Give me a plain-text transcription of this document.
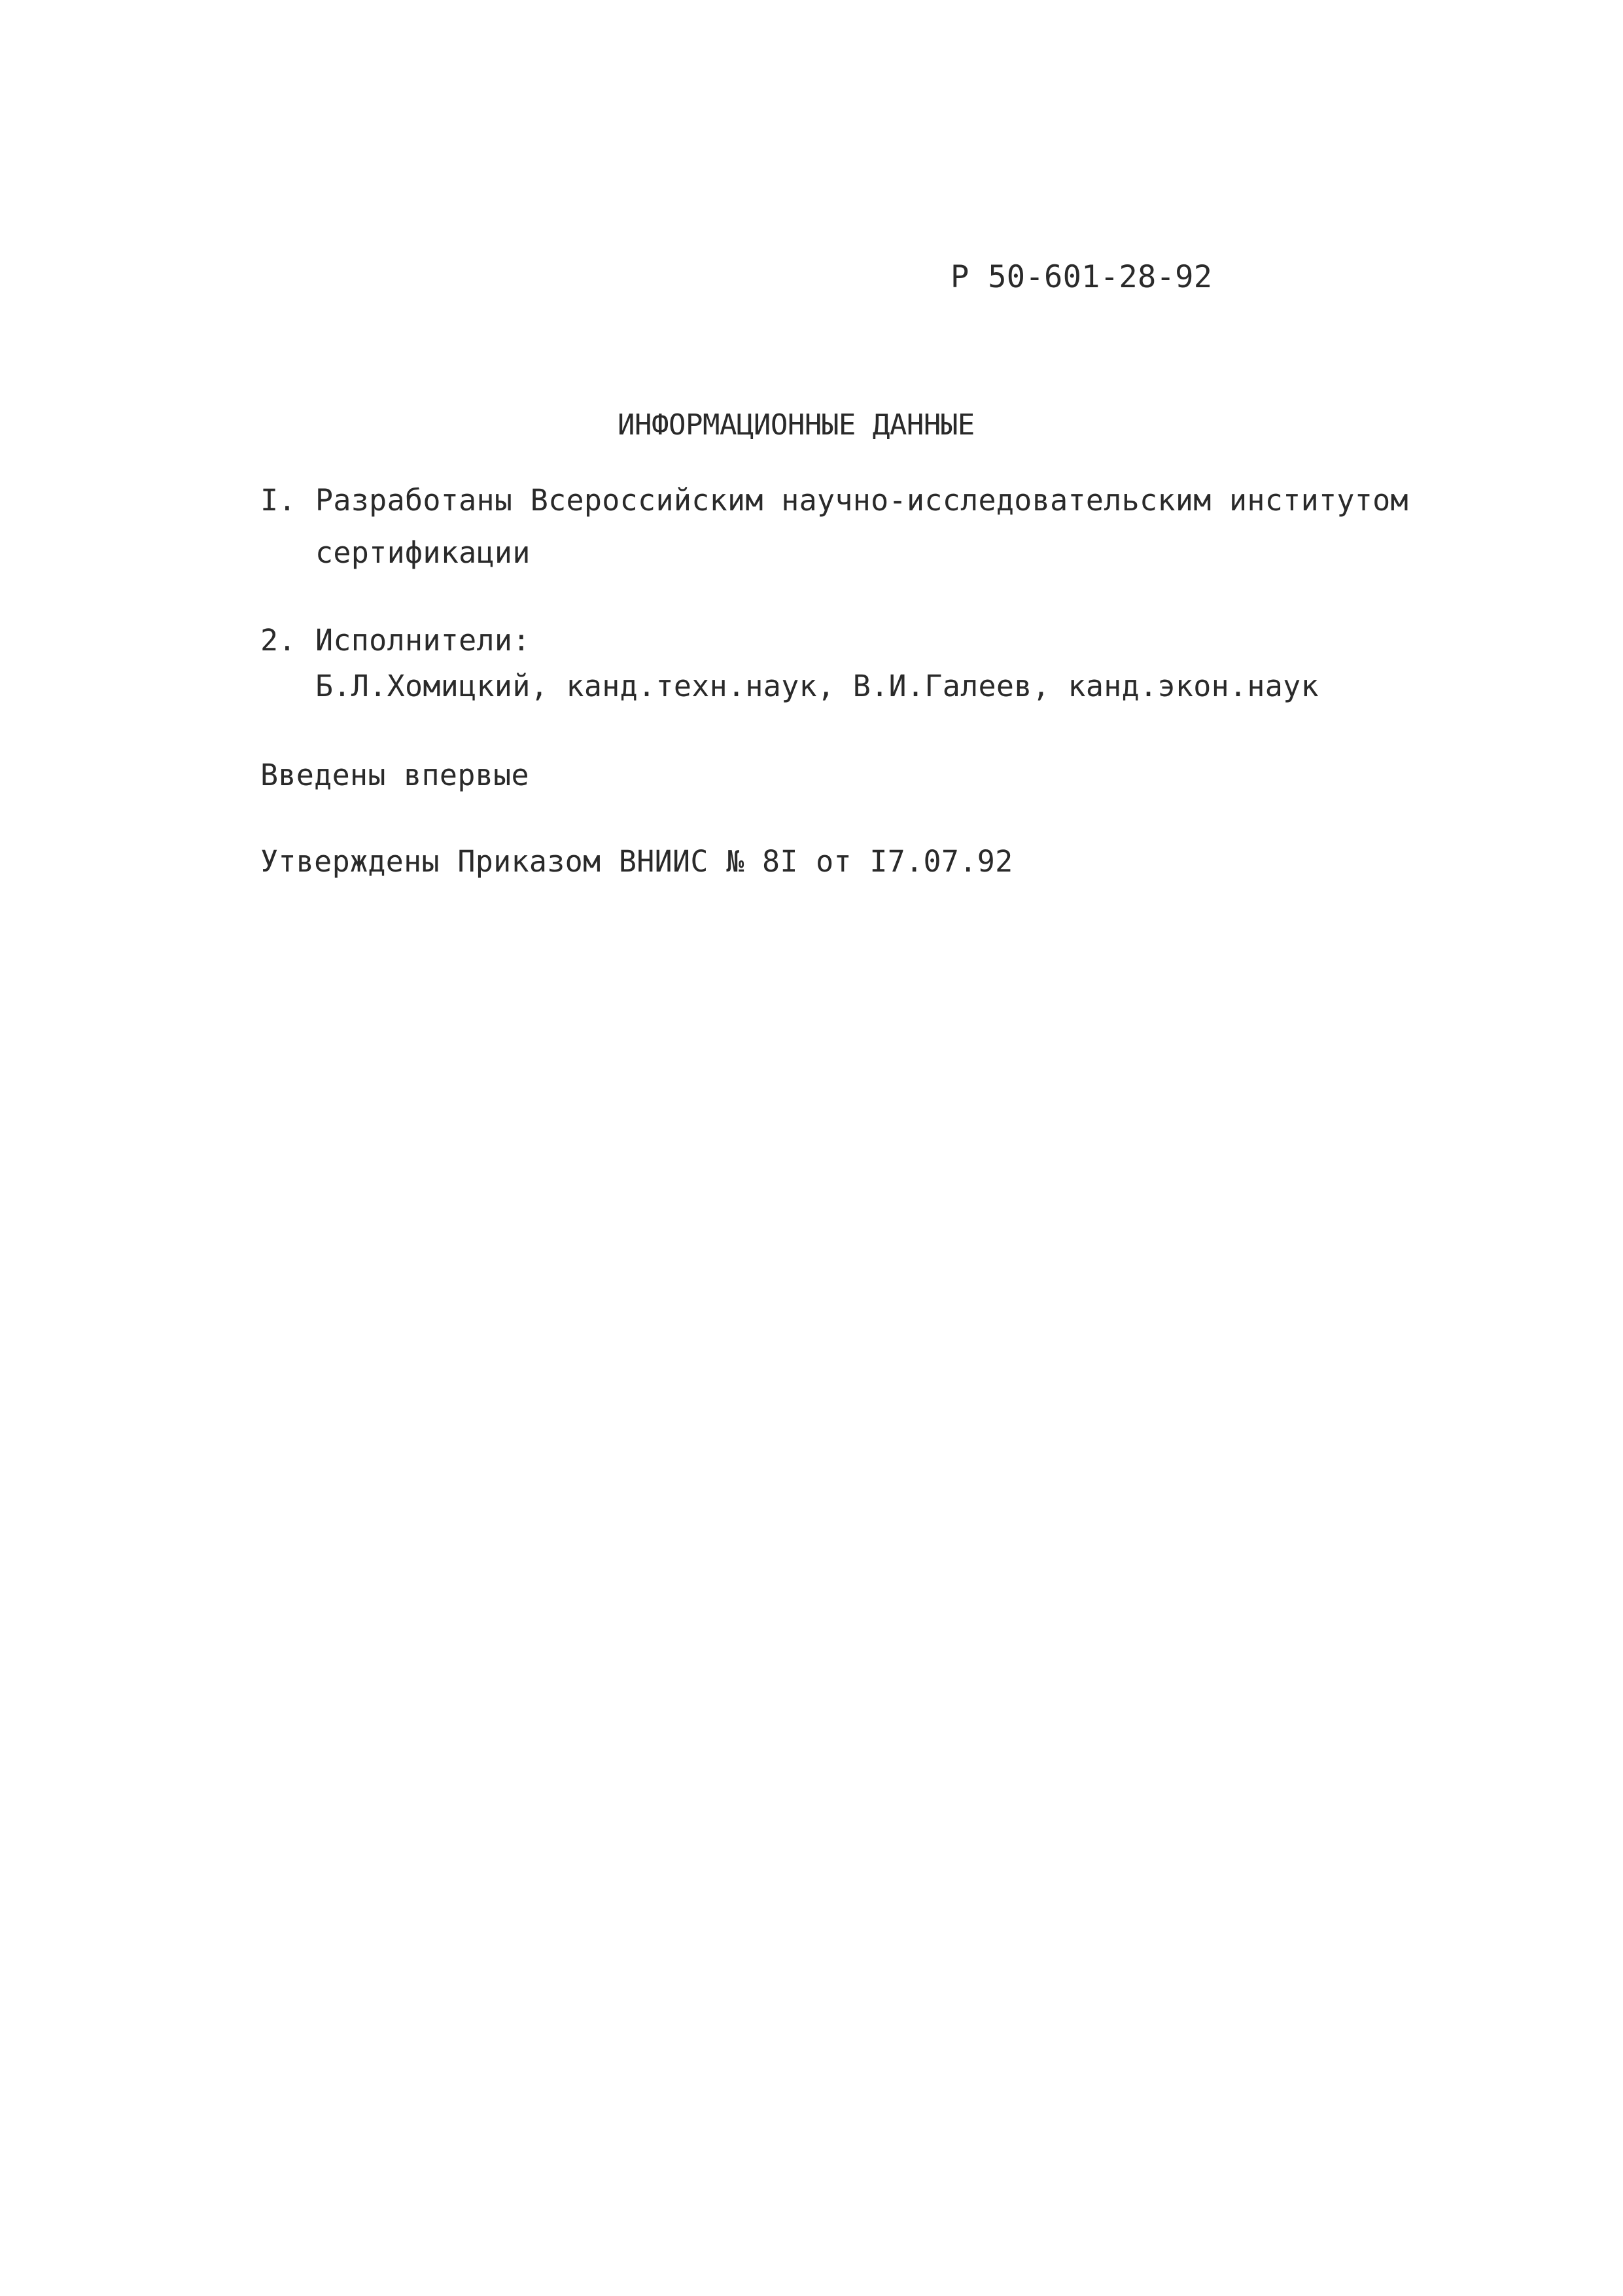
Р 50-601-28-92
ИНФОРМАЦИОННЫЕ ДАННЫЕ
I. Разработаны Всероссийским научно-исследовательским институтом
сертификации
2. Исполнители:
Б.Л.Хомицкий, канд.техн.наук, В.И.Галеев, канд.экон.наук
Введены впервые
Утверждены Приказом ВНИИС № 8I от I7.07.92
